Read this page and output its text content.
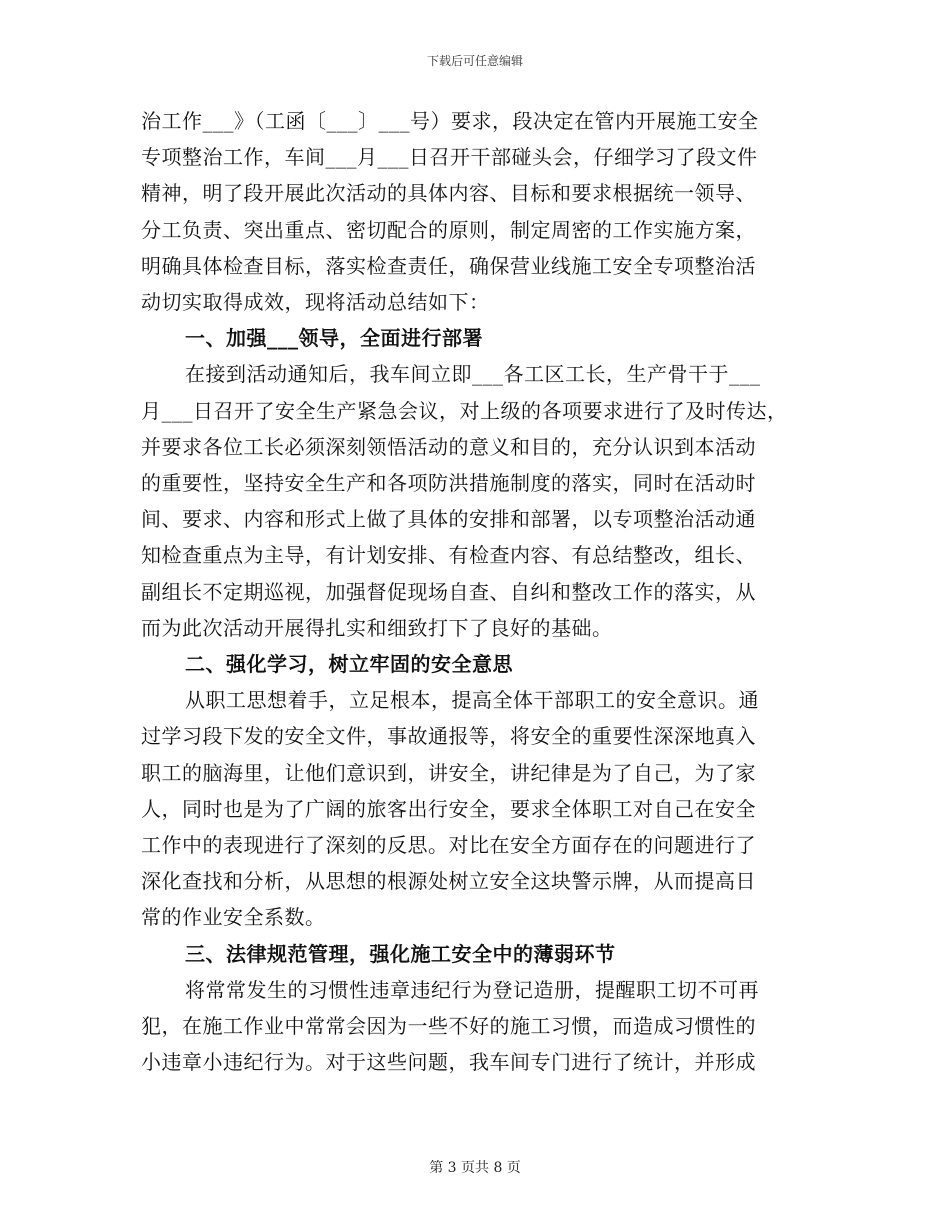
下载后可任意编辑
治工作___》（工函〔___〕___号）要求，段决定在管内开展施工安全
专项整治工作，车间___月___日召开干部碰头会，仔细学习了段文件
精神，明了段开展此次活动的具体内容、目标和要求根据统一领导、
分工负责、突出重点、密切配合的原则，制定周密的工作实施方案，
明确具体检查目标，落实检查责任，确保营业线施工安全专项整治活
动切实取得成效，现将活动总结如下：
一、加强___领导，全面进行部署
在接到活动通知后，我车间立即___各工区工长，生产骨干于___
月___日召开了安全生产紧急会议，对上级的各项要求进行了及时传达，
并要求各位工长必须深刻领悟活动的意义和目的，充分认识到本活动
的重要性，坚持安全生产和各项防洪措施制度的落实，同时在活动时
间、要求、内容和形式上做了具体的安排和部署，以专项整治活动通
知检查重点为主导，有计划安排、有检查内容、有总结整改，组长、
副组长不定期巡视，加强督促现场自查、自纠和整改工作的落实，从
而为此次活动开展得扎实和细致打下了良好的基础。
二、强化学习，树立牢固的安全意思
从职工思想着手，立足根本，提高全体干部职工的安全意识。通
过学习段下发的安全文件，事故通报等，将安全的重要性深深地真入
职工的脑海里，让他们意识到，讲安全，讲纪律是为了自己，为了家
人，同时也是为了广阔的旅客出行安全，要求全体职工对自己在安全
工作中的表现进行了深刻的反思。对比在安全方面存在的问题进行了
深化查找和分析，从思想的根源处树立安全这块警示牌，从而提高日
常的作业安全系数。
三、法律规范管理，强化施工安全中的薄弱环节
将常常发生的习惯性违章违纪行为登记造册，提醒职工切不可再
犯，在施工作业中常常会因为一些不好的施工习惯，而造成习惯性的
小违章小违纪行为。对于这些问题，我车间专门进行了统计，并形成
第 3 页共 8 页
